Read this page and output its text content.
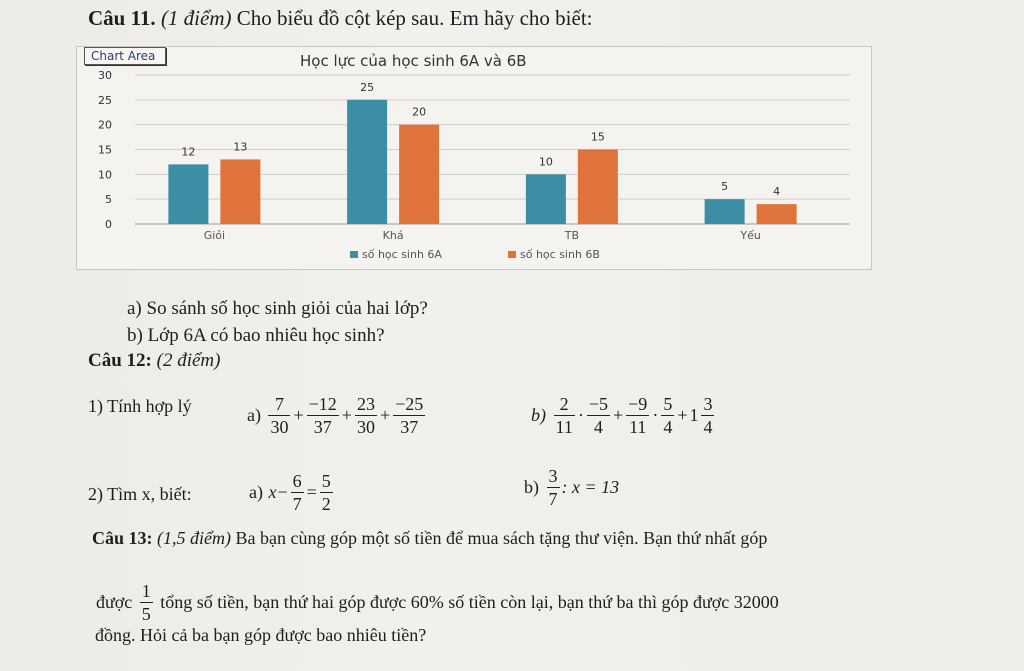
Câu 11. (1 điểm) Cho biểu đồ cột kép sau. Em hãy cho biết:
Chart Area	Học lực của học sinh 6A và 6B
0
5
10
15
20
25
30
12	13
25
20
10
15
5	4
Giỏi	Khá	TB	Yếu
số học sinh 6A	số học sinh 6B
a) So sánh số học sinh giỏi của hai lớp?
b) Lớp 6A có bao nhiêu học sinh?
Câu 12: (2 điểm)
1) Tính hợp lý	$a) \frac{7}{30} + \frac{-12}{37} + \frac{23}{30} + \frac{-25}{37}$	$b) \frac{2}{11} \cdot \frac{-5}{4} + \frac{-9}{11} \cdot \frac{5}{4} + 1 \frac{3}{4}$
2) Tìm x, biết:	a) $x- \frac{6}{7} = \frac{5}{2}$	$b) \frac{3}{7}$ : x = 13
Câu 13: (1,5 điểm) Ba bạn cùng góp một số tiền để mua sách tặng thư viện. Bạn thứ nhất góp
được $\frac{1}{5}$ tổng số tiền, bạn thứ hai góp được 60% số tiền còn lại, bạn thứ ba thì góp được 32000
đồng. Hỏi cả ba bạn góp được bao nhiêu tiền?
